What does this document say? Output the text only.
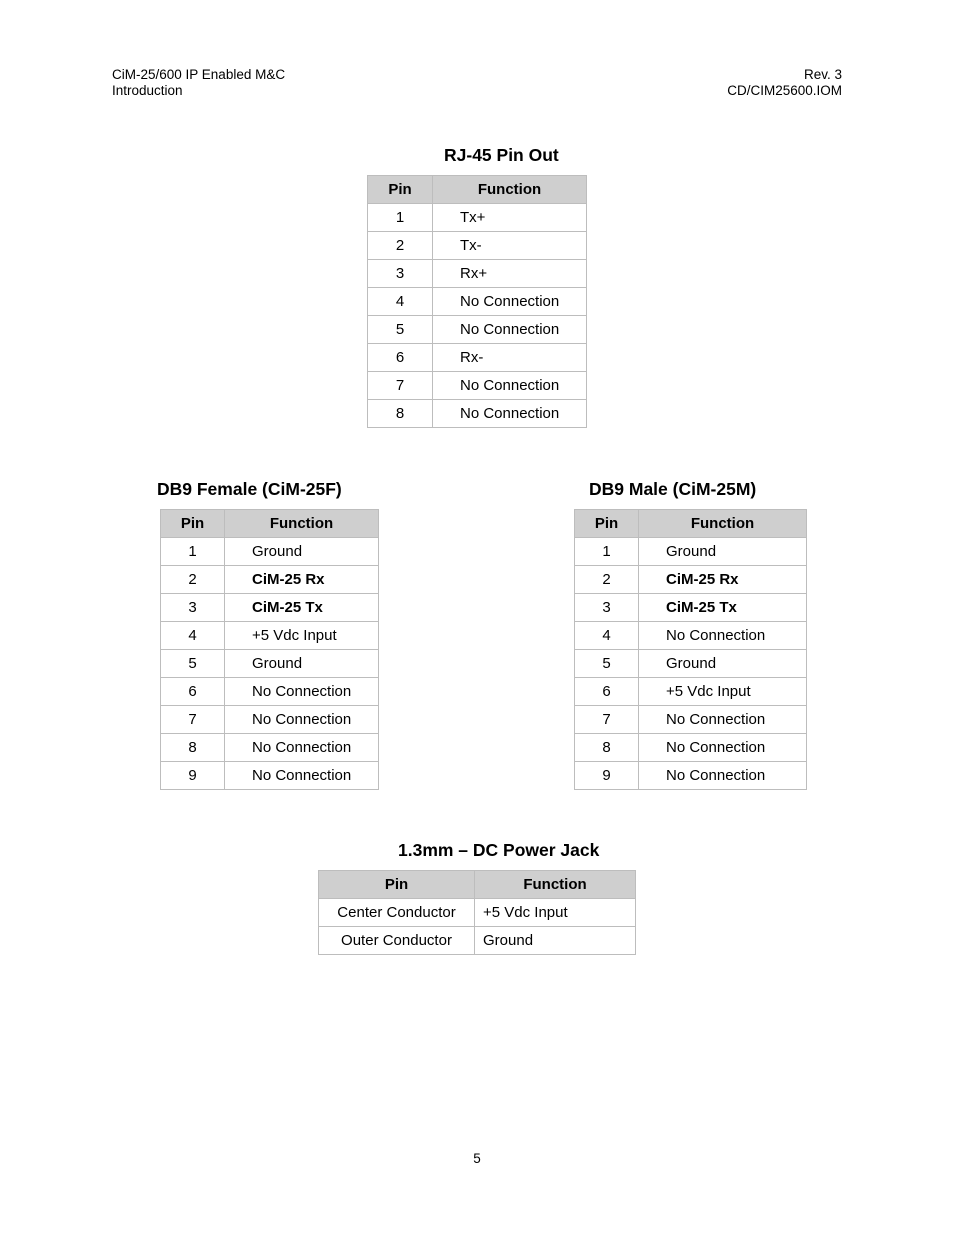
CiM-25/600 IP Enabled M&C
Introduction
Rev. 3
CD/CIM25600.IOM
RJ-45 Pin Out
Pin	Function
1	Tx+
2	Tx-
3	Rx+
4	No Connection
5	No Connection
6	Rx-
7	No Connection
8	No Connection
DB9 Female (CiM-25F)
Pin	Function
1	Ground
2	CiM-25 Rx
3	CiM-25 Tx
4	+5 Vdc Input
5	Ground
6	No Connection
7	No Connection
8	No Connection
9	No Connection
DB9 Male (CiM-25M)
Pin	Function
1	Ground
2	CiM-25 Rx
3	CiM-25 Tx
4	No Connection
5	Ground
6	+5 Vdc Input
7	No Connection
8	No Connection
9	No Connection
1.3mm – DC Power Jack
Pin	Function
Center Conductor	+5 Vdc Input
Outer Conductor	Ground
5
